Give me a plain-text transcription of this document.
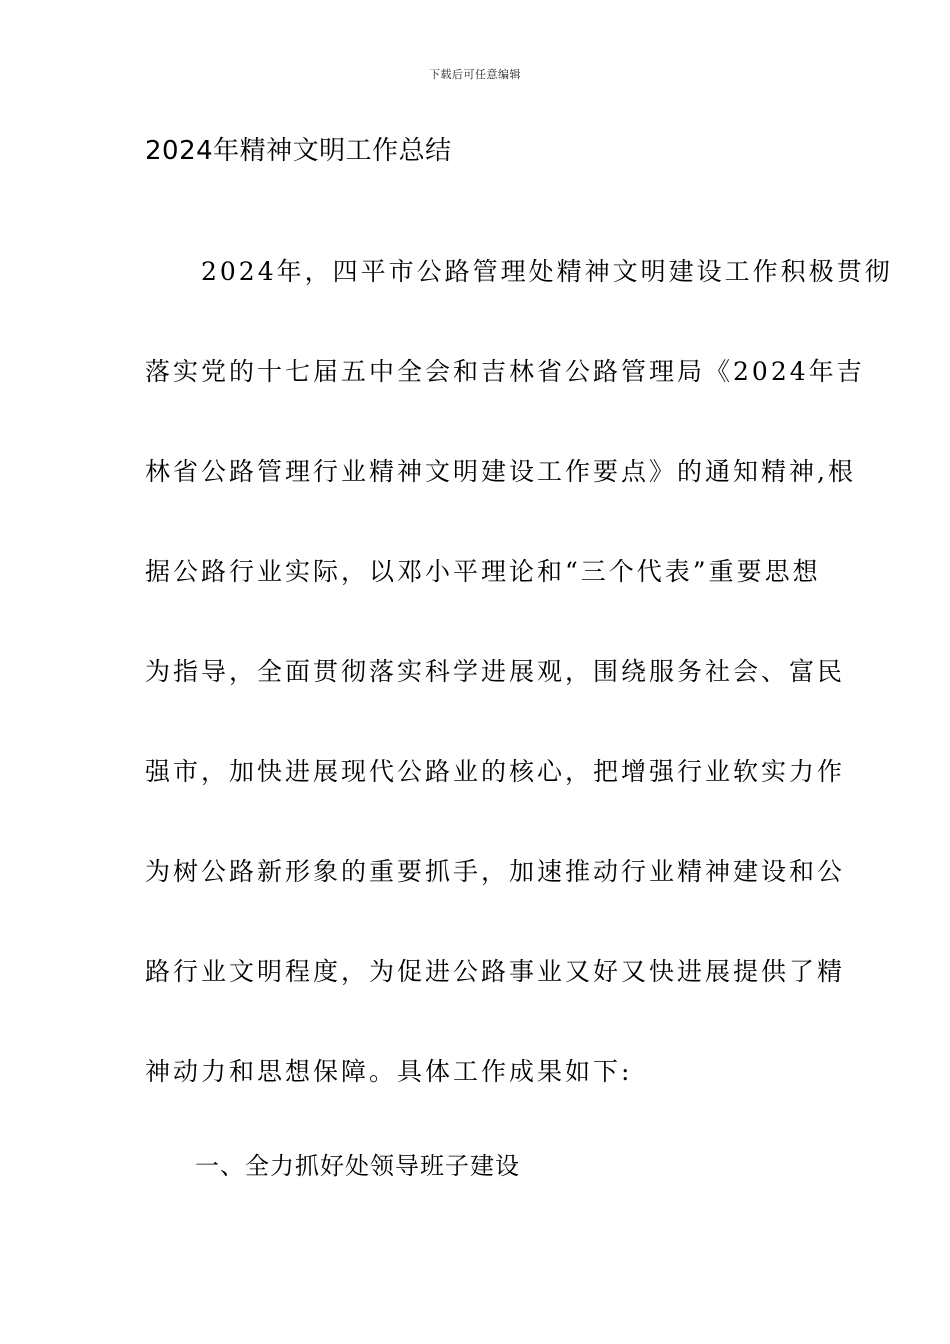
下载后可任意编辑
2024年精神文明工作总结
　　2024年，四平市公路管理处精神文明建设工作积极贯彻
落实党的十七届五中全会和吉林省公路管理局《2024年吉
林省公路管理行业精神文明建设工作要点》的通知精神,根
据公路行业实际，以邓小平理论和“三个代表”重要思想
为指导，全面贯彻落实科学进展观，围绕服务社会、富民
强市，加快进展现代公路业的核心，把增强行业软实力作
为树公路新形象的重要抓手，加速推动行业精神建设和公
路行业文明程度，为促进公路事业又好又快进展提供了精
神动力和思想保障。具体工作成果如下:
一、全力抓好处领导班子建设
